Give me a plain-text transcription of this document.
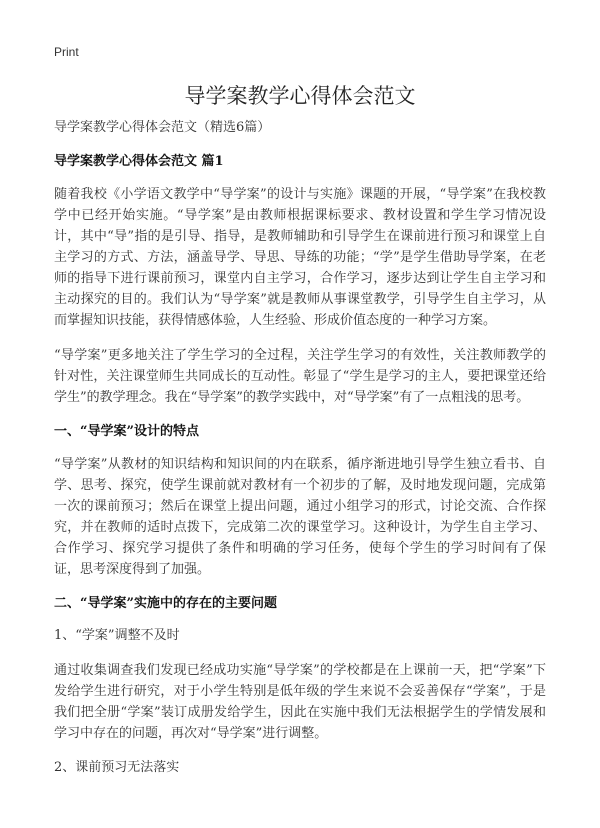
Print
导学案教学心得体会范文

导学案教学心得体会范文（精选6篇）

导学案教学心得体会范文 篇1

随着我校《小学语文教学中“导学案”的设计与实施》课题的开展，“导学案”在我校教学中已经开始实施。“导学案”是由教师根据课标要求、教材设置和学生学习情况设计，其中“导”指的是引导、指导，是教师辅助和引导学生在课前进行预习和课堂上自主学习的方式、方法，涵盖导学、导思、导练的功能；“学”是学生借助导学案，在老师的指导下进行课前预习，课堂内自主学习，合作学习，逐步达到让学生自主学习和主动探究的目的。我们认为“导学案”就是教师从事课堂教学，引导学生自主学习，从而掌握知识技能，获得情感体验，人生经验、形成价值态度的一种学习方案。

“导学案”更多地关注了学生学习的全过程，关注学生学习的有效性，关注教师教学的针对性，关注课堂师生共同成长的互动性。彰显了“学生是学习的主人，要把课堂还给学生”的教学理念。我在“导学案”的教学实践中，对“导学案”有了一点粗浅的思考。

一、“导学案”设计的特点

“导学案”从教材的知识结构和知识间的内在联系，循序渐进地引导学生独立看书、自学、思考、探究，使学生课前就对教材有一个初步的了解，及时地发现问题，完成第一次的课前预习；然后在课堂上提出问题，通过小组学习的形式，讨论交流、合作探究，并在教师的适时点拨下，完成第二次的课堂学习。这种设计，为学生自主学习、合作学习、探究学习提供了条件和明确的学习任务，使每个学生的学习时间有了保证，思考深度得到了加强。

二、“导学案”实施中的存在的主要问题

1、“学案”调整不及时

通过收集调查我们发现已经成功实施“导学案”的学校都是在上课前一天，把“学案”下发给学生进行研究，对于小学生特别是低年级的学生来说不会妥善保存“学案”，于是我们把全册“学案”装订成册发给学生，因此在实施中我们无法根据学生的学情发展和学习中存在的问题，再次对“导学案”进行调整。

2、课前预习无法落实
